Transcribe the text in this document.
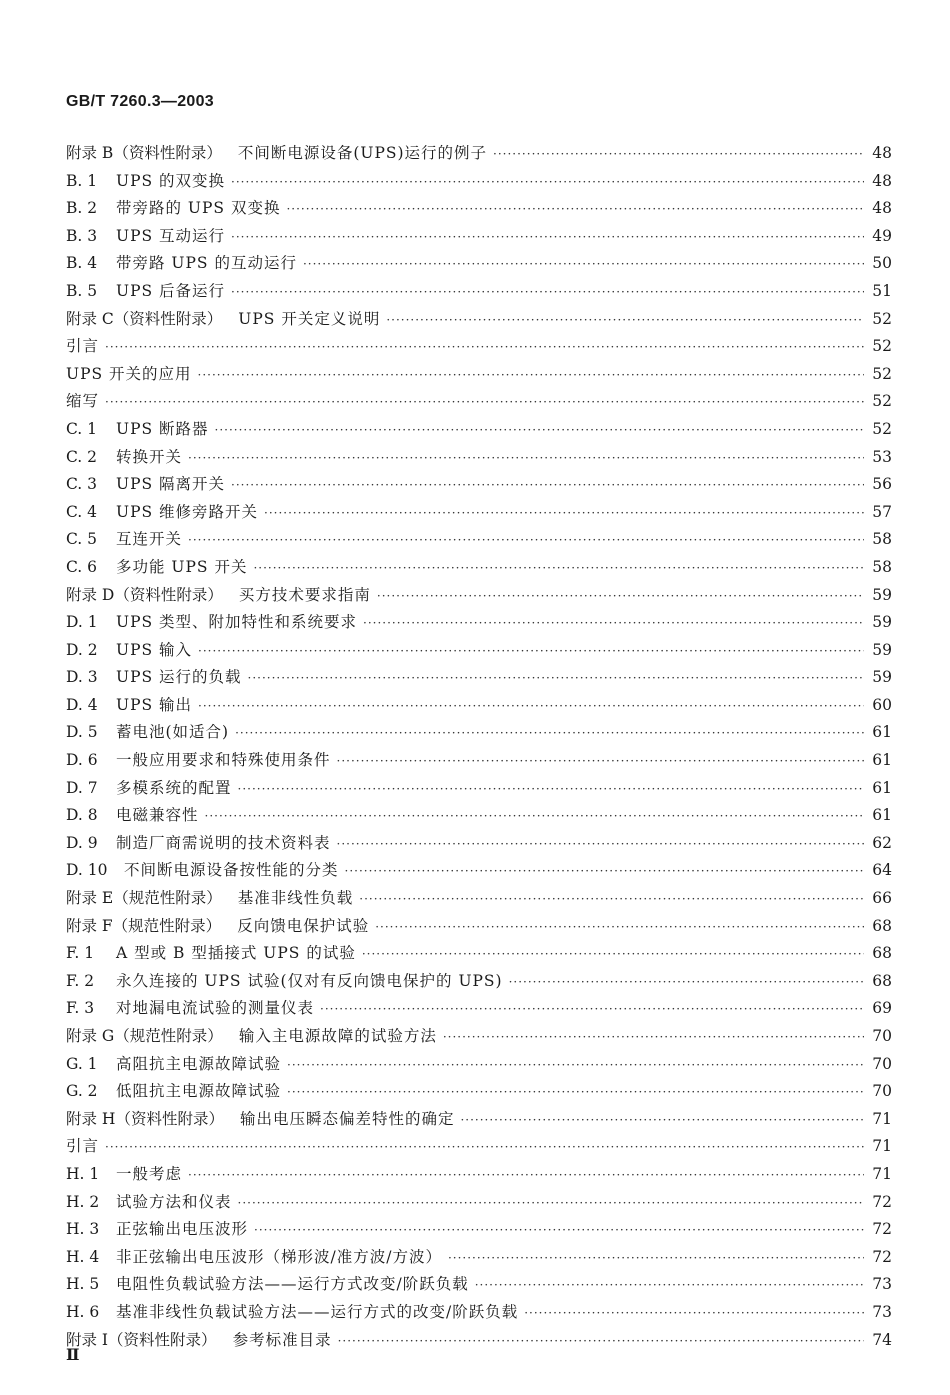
GB/T 7260.3—2003
附录 B（资料性附录） 不间断电源设备(UPS)运行的例子 ·····	48
B. 1	UPS 的双变换 ·····	48
B. 2	带旁路的 UPS 双变换 ·····	48
B. 3	UPS 互动运行 ·····	49
B. 4	带旁路 UPS 的互动运行 ·····	50
B. 5	UPS 后备运行 ·····	51
附录 C（资料性附录） UPS 开关定义说明 ·····	52
引言 ·····	52
UPS 开关的应用 ·····	52
缩写 ·····	52
C. 1	UPS 断路器 ·····	52
C. 2	转换开关 ·····	53
C. 3	UPS 隔离开关 ·····	56
C. 4	UPS 维修旁路开关 ·····	57
C. 5	互连开关 ·····	58
C. 6	多功能 UPS 开关 ·····	58
附录 D（资料性附录） 买方技术要求指南 ·····	59
D. 1	UPS 类型、附加特性和系统要求 ·····	59
D. 2	UPS 输入 ·····	59
D. 3	UPS 运行的负载 ·····	59
D. 4	UPS 输出 ·····	60
D. 5	蓄电池(如适合) ·····	61
D. 6	一般应用要求和特殊使用条件 ·····	61
D. 7	多模系统的配置 ·····	61
D. 8	电磁兼容性 ·····	61
D. 9	制造厂商需说明的技术资料表 ·····	62
D. 10	不间断电源设备按性能的分类 ·····	64
附录 E（规范性附录） 基准非线性负载 ·····	66
附录 F（规范性附录） 反向馈电保护试验 ·····	68
F. 1	A 型或 B 型插接式 UPS 的试验 ·····	68
F. 2	永久连接的 UPS 试验(仅对有反向馈电保护的 UPS) ·····	68
F. 3	对地漏电流试验的测量仪表 ·····	69
附录 G（规范性附录） 输入主电源故障的试验方法 ·····	70
G. 1	高阻抗主电源故障试验 ·····	70
G. 2	低阻抗主电源故障试验 ·····	70
附录 H（资料性附录） 输出电压瞬态偏差特性的确定 ·····	71
引言 ·····	71
H. 1	一般考虑 ·····	71
H. 2	试验方法和仪表 ·····	72
H. 3	正弦输出电压波形 ·····	72
H. 4	非正弦输出电压波形（梯形波/准方波/方波） ·····	72
H. 5	电阻性负载试验方法——运行方式改变/阶跃负载 ·····	73
H. 6	基准非线性负载试验方法——运行方式的改变/阶跃负载 ·····	73
附录 I（资料性附录） 参考标准目录 ·····	74
Ⅱ
